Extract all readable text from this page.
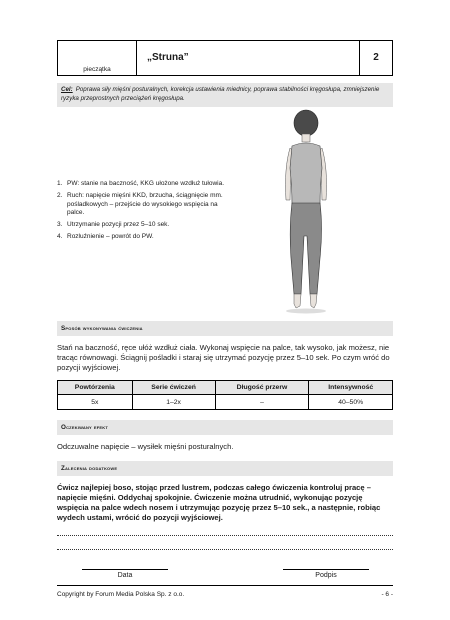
pieczątka
„Struna”	2
Cel: Poprawa siły mięśni posturalnych, korekcja ustawienia miednicy, poprawa stabilności kręgosłupa, zmniejszenie ryzyka przeprostnych przeciążeń kręgosłupa.
1. PW: stanie na baczność, KKG ułożone wzdłuż tułowia.
2. Ruch: napięcie mięśni KKD, brzucha, ściągnięcie mm. pośladkowych – przejście do wysokiego wspięcia na palce.
3. Utrzymanie pozycji przez 5–10 sek.
4. Rozluźnienie – powrót do PW.
Sposób wykonywania ćwiczenia
Stań na baczność, ręce ułóż wzdłuż ciała. Wykonaj wspięcie na palce, tak wysoko, jak możesz, nie tracąc równowagi. Ściągnij pośladki i staraj się utrzymać pozycję przez 5–10 sek. Po czym wróć do pozycji wyjściowej.
Powtórzenia	Serie ćwiczeń	Długość przerw	Intensywność
5x	1–2x	–	40–50%
Oczekiwany efekt
Odczuwalne napięcie – wysiłek mięśni posturalnych.
Zalecenia dodatkowe
Ćwicz najlepiej boso, stojąc przed lustrem, podczas całego ćwiczenia kontroluj pracę – napięcie mięśni. Oddychaj spokojnie. Ćwiczenie można utrudnić, wykonując pozycję wspięcia na palce wdech nosem i utrzymując pozycję przez 5–10 sek., a następnie, robiąc wydech ustami, wrócić do pozycji wyjściowej.
Data	Podpis
Copyright by Forum Media Polska Sp. z o.o.	- 6 -
